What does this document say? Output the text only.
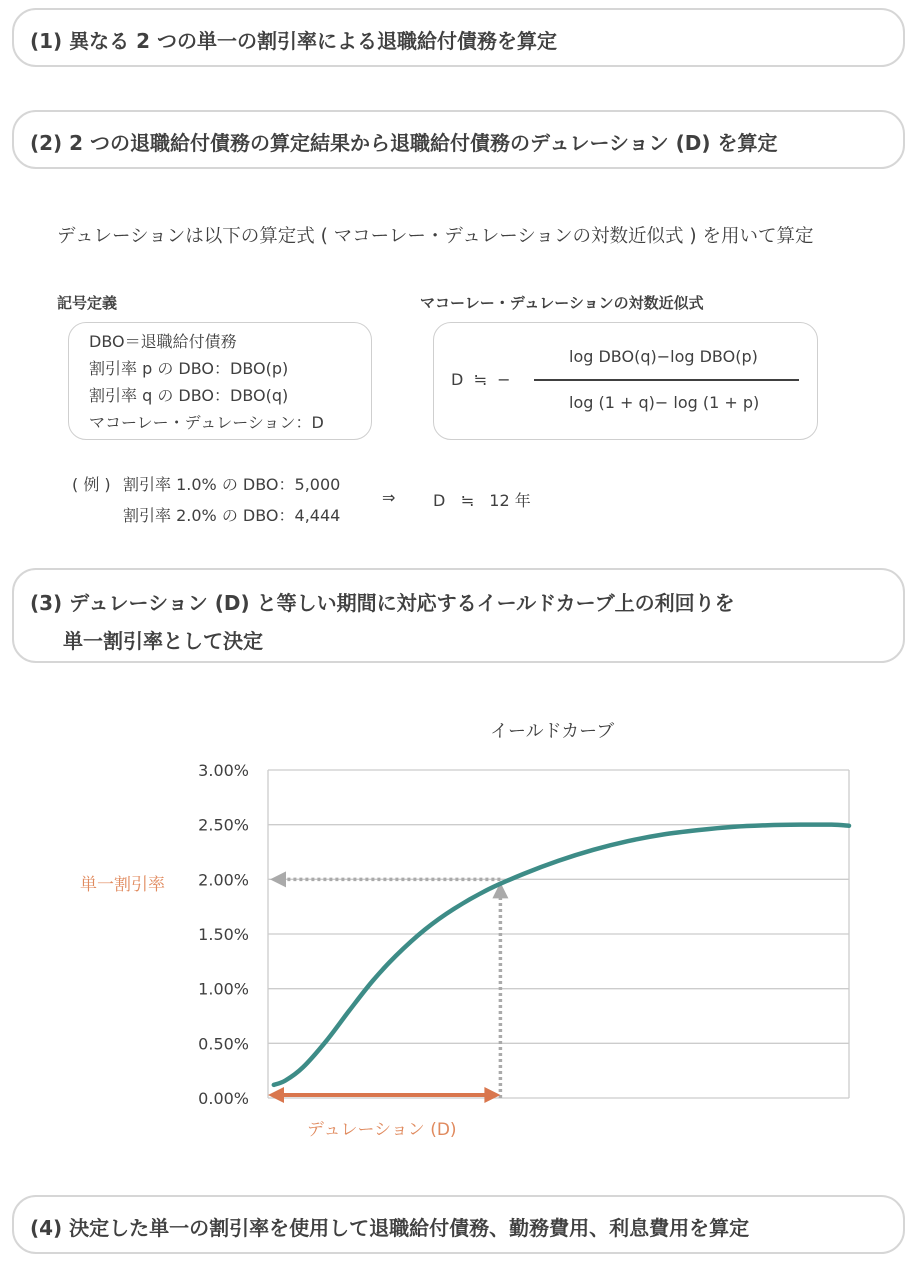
(1) 異なる 2 つの単一の割引率による退職給付債務を算定
(2) 2 つの退職給付債務の算定結果から退職給付債務のデュレーション (D) を算定
デュレーションは以下の算定式 ( マコーレー・デュレーションの対数近似式 ) を用いて算定
記号定義	マコーレー・デュレーションの対数近似式
DBO＝退職給付債務
割引率 p の DBO：DBO(p)
割引率 q の DBO：DBO(q)
マコーレー・デュレーション：D
D  ≒  −
log DBO(q)−log DBO(p)
log (1 + q)− log (1 + p)
( 例 ) 割引率 1.0% の DBO：5,000
割引率 2.0% の DBO：4,444
⇒ D   ≒   12 年
(3) デュレーション (D) と等しい期間に対応するイールドカーブ上の利回りを
単一割引率として決定
イールドカーブ
単一割引率
3.00%
2.50%
2.00%
1.50%
1.00%
0.50%
0.00%
デュレーション (D)
(4) 決定した単一の割引率を使用して退職給付債務、勤務費用、利息費用を算定
